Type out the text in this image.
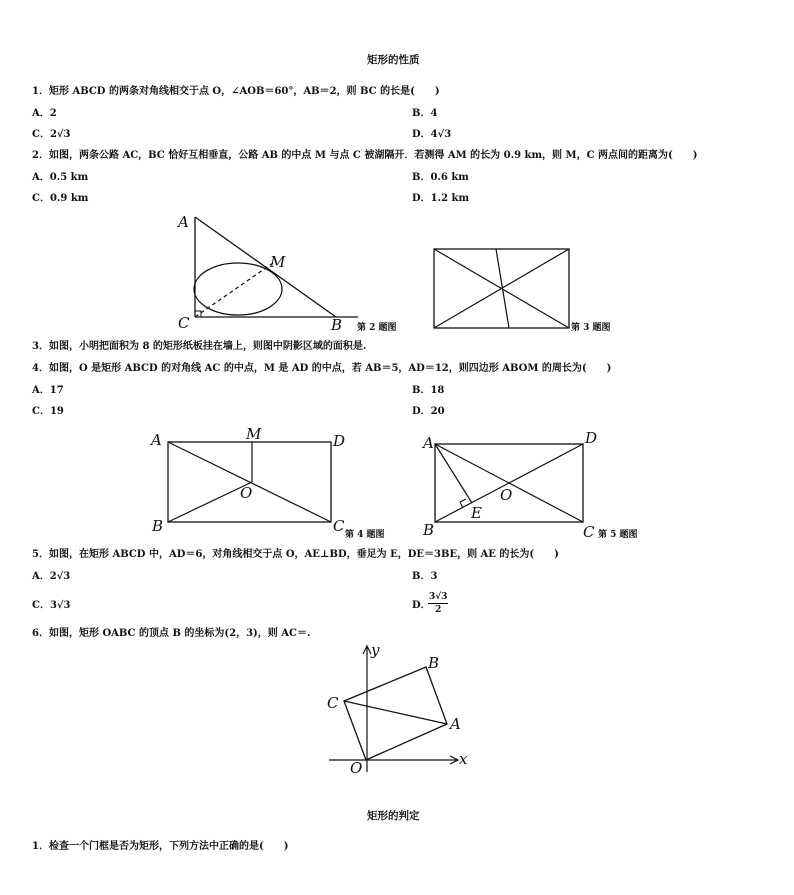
矩形的性质
1．矩形 ABCD 的两条对角线相交于点 O，∠AOB＝60°，AB＝2，则 BC 的长是(　　)
A．2	B．4
C．2√3	D．4√3
2．如图，两条公路 AC，BC 恰好互相垂直，公路 AB 的中点 M 与点 C 被湖隔开．若测得 AM 的长为 0.9 km，则 M，C 两点间的距离为(　　)
A．0.5 km	B．0.6 km
C．0.9 km	D．1.2 km
A
M
C	B 第 2 题图	第 3 题图
3．如图，小明把面积为 8 的矩形纸板挂在墙上，则图中阴影区域的面积是.
4．如图，O 是矩形 ABCD 的对角线 AC 的中点，M 是 AD 的中点，若 AB＝5，AD＝12，则四边形 ABOM 的周长为(　　)
A．17	B．18
C．19	D．20
A	M	D
O
B	C 第 4 题图
A	D
O
E
B	C 第 5 题图
5．如图，在矩形 ABCD 中，AD＝6，对角线相交于点 O，AE⊥BD，垂足为 E，DE＝3BE，则 AE 的长为(　　)
A．2√3	B．3
C．3√3	D．
$\frac{3√3}{2}$
6．如图，矩形 OABC 的顶点 B 的坐标为(2，3)，则 AC＝.
y
B
C
A
O	x
矩形的判定
1．检查一个门框是否为矩形，下列方法中正确的是(　　)
